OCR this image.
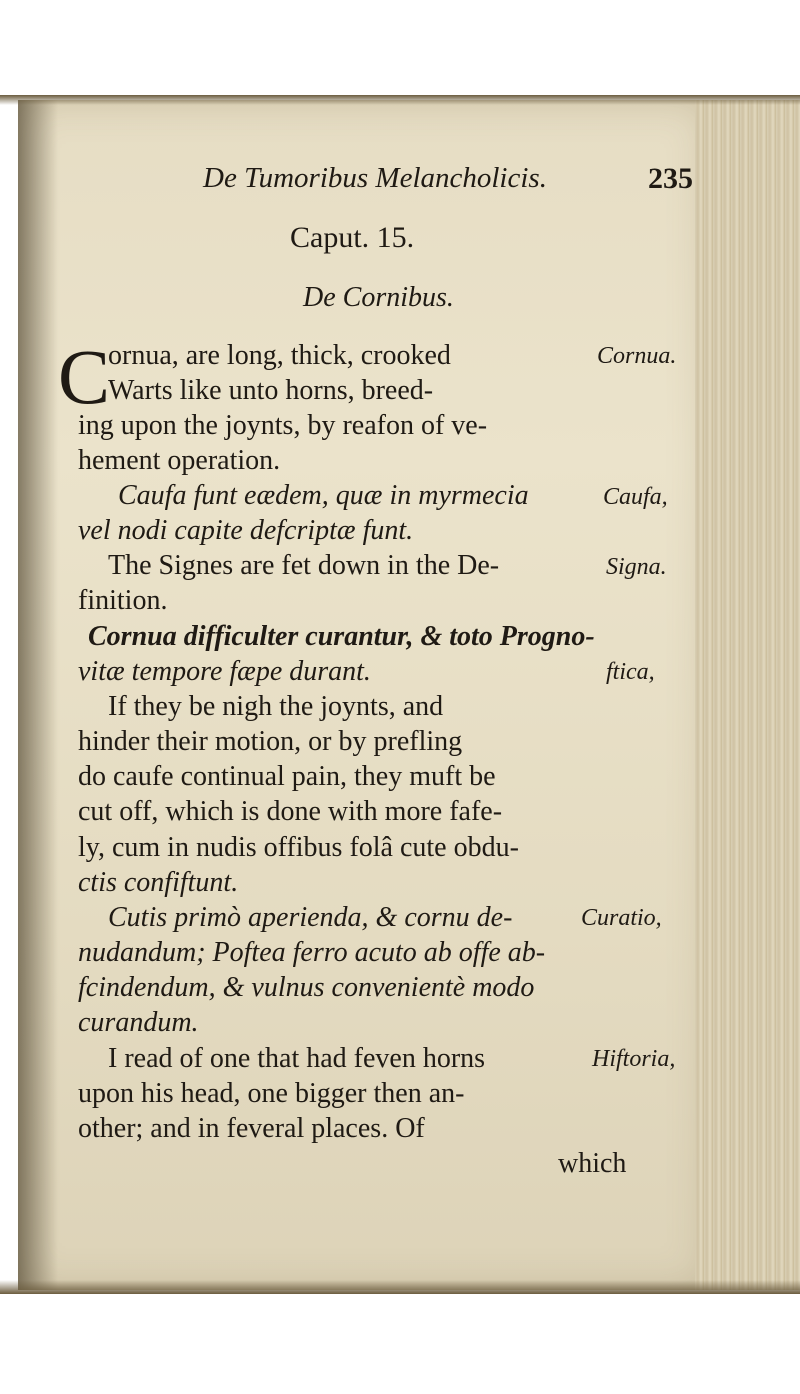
De Tumoribus Melancholicis.	235
Caput. 15.
De Cornibus.
C
ornua, are long, thick, crooked
Warts like unto horns, breed-
ing upon the joynts, by reafon of ve-
hement operation.
Caufa funt eædem, quæ in myrmecia
vel nodi capite defcriptæ funt.
The Signes are fet down in the De-
finition.
Cornua difficulter curantur, & toto Progno-
vitæ tempore fæpe durant.
If they be nigh the joynts, and
hinder their motion, or by prefling
do caufe continual pain, they muft be
cut off, which is done with more fafe-
ly, cum in nudis offibus folâ cute obdu-
ctis confiftunt.
Cutis primò aperienda, & cornu de-
nudandum; Poftea ferro acuto ab offe ab-
fcindendum, & vulnus convenientè modo
curandum.
I read of one that had feven horns
upon his head, one bigger then an-
other; and in feveral places. Of
which
Cornua.
Caufa,
Signa.
ftica,
Curatio,
Hiftoria,
